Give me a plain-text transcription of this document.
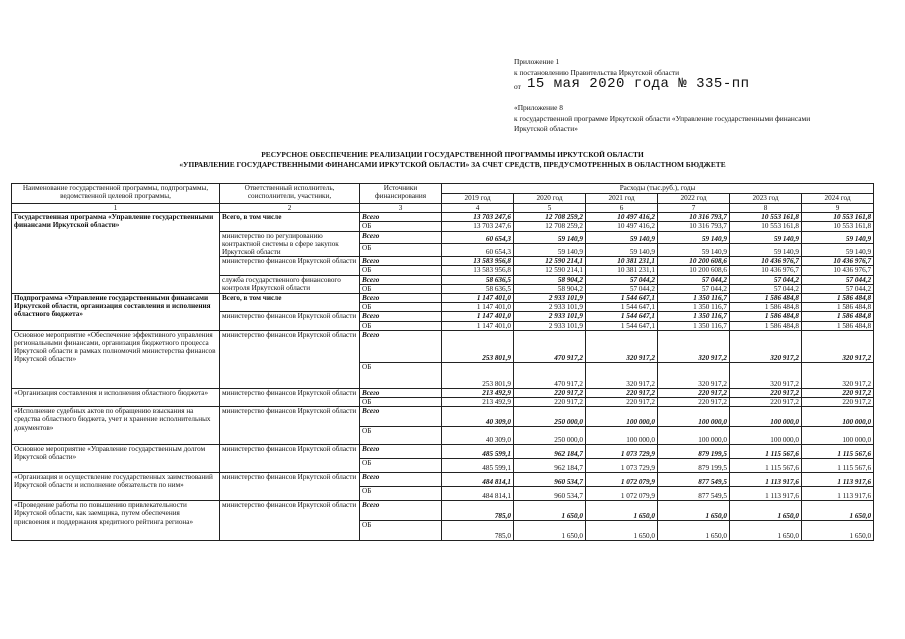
Приложение 1
к постановлению Правительства Иркутской области
от 15 мая 2020 года № 335-пп
«Приложение 8
к государственной программе Иркутской области «Управление государственными финансами
Иркутской области»
РЕСУРСНОЕ ОБЕСПЕЧЕНИЕ РЕАЛИЗАЦИИ ГОСУДАРСТВЕННОЙ ПРОГРАММЫ ИРКУТСКОЙ ОБЛАСТИ
«УПРАВЛЕНИЕ ГОСУДАРСТВЕННЫМИ ФИНАНСАМИ ИРКУТСКОЙ ОБЛАСТИ» ЗА СЧЕТ СРЕДСТВ, ПРЕДУСМОТРЕННЫХ В ОБЛАСТНОМ БЮДЖЕТЕ
Наименование государственной программы, подпрограммы, ведомственной целевой программы,	Ответственный исполнитель, соисполнители, участники,	Источники финансирования	Расходы (тыс.руб.), годы					
			2019 год	2020 год	2021 год	2022 год	2023 год	2024 год
1	2	3	4	5	6	7	8	9
Государственная программа «Управление государственными финансами Иркутской области»	Всего, в том числе	Всего	13 703 247,6	12 708 259,2	10 497 416,2	10 316 793,7	10 553 161,8	10 553 161,8
		ОБ	13 703 247,6	12 708 259,2	10 497 416,2	10 316 793,7	10 553 161,8	10 553 161,8
	министерство по регулированию контрактной системы в сфере закупок Иркутской области	Всего	60 654,3	59 140,9	59 140,9	59 140,9	59 140,9	59 140,9
		ОБ	60 654,3	59 140,9	59 140,9	59 140,9	59 140,9	59 140,9
	министерство финансов Иркутской области	Всего	13 583 956,8	12 590 214,1	10 381 231,1	10 200 608,6	10 436 976,7	10 436 976,7
		ОБ	13 583 956,8	12 590 214,1	10 381 231,1	10 200 608,6	10 436 976,7	10 436 976,7
	служба государственного финансового контроля Иркутской области	Всего	58 636,5	58 904,2	57 044,2	57 044,2	57 044,2	57 044,2
		ОБ	58 636,5	58 904,2	57 044,2	57 044,2	57 044,2	57 044,2
Подпрограмма «Управление государственными финансами Иркутской области, организация составления и исполнения областного бюджета»	Всего, в том числе	Всего	1 147 401,0	2 933 101,9	1 544 647,1	1 350 116,7	1 586 484,8	1 586 484,8
		ОБ	1 147 401,0	2 933 101,9	1 544 647,1	1 350 116,7	1 586 484,8	1 586 484,8
	министерство финансов Иркутской области	Всего	1 147 401,0	2 933 101,9	1 544 647,1	1 350 116,7	1 586 484,8	1 586 484,8
		ОБ	1 147 401,0	2 933 101,9	1 544 647,1	1 350 116,7	1 586 484,8	1 586 484,8
Основное мероприятие «Обеспечение эффективного управления региональными финансами, организация бюджетного процесса Иркутской области в рамках полномочий министерства финансов Иркутской области»	министерство финансов Иркутской области	Всего	253 801,9	470 917,2	320 917,2	320 917,2	320 917,2	320 917,2
		ОБ	253 801,9	470 917,2	320 917,2	320 917,2	320 917,2	320 917,2
«Организация составления и исполнения областного бюджета»	министерство финансов Иркутской области	Всего	213 492,9	220 917,2	220 917,2	220 917,2	220 917,2	220 917,2
		ОБ	213 492,9	220 917,2	220 917,2	220 917,2	220 917,2	220 917,2
«Исполнение судебных актов по обращению взыскания на средства областного бюджета, учет и хранение исполнительных документов»	министерство финансов Иркутской области	Всего	40 309,0	250 000,0	100 000,0	100 000,0	100 000,0	100 000,0
		ОБ	40 309,0	250 000,0	100 000,0	100 000,0	100 000,0	100 000,0
Основное мероприятие «Управление государственным долгом Иркутской области»	министерство финансов Иркутской области	Всего	485 599,1	962 184,7	1 073 729,9	879 199,5	1 115 567,6	1 115 567,6
		ОБ	485 599,1	962 184,7	1 073 729,9	879 199,5	1 115 567,6	1 115 567,6
«Организация и осуществление государственных заимствований Иркутской области и исполнение обязательств по ним»	министерство финансов Иркутской области	Всего	484 814,1	960 534,7	1 072 079,9	877 549,5	1 113 917,6	1 113 917,6
		ОБ	484 814,1	960 534,7	1 072 079,9	877 549,5	1 113 917,6	1 113 917,6
«Проведение работы по повышению привлекательности Иркутской области, как заемщика, путем обеспечения присвоения и поддержания кредитного рейтинга региона»	министерство финансов Иркутской области	Всего	785,0	1 650,0	1 650,0	1 650,0	1 650,0	1 650,0
		ОБ	785,0	1 650,0	1 650,0	1 650,0	1 650,0	1 650,0
